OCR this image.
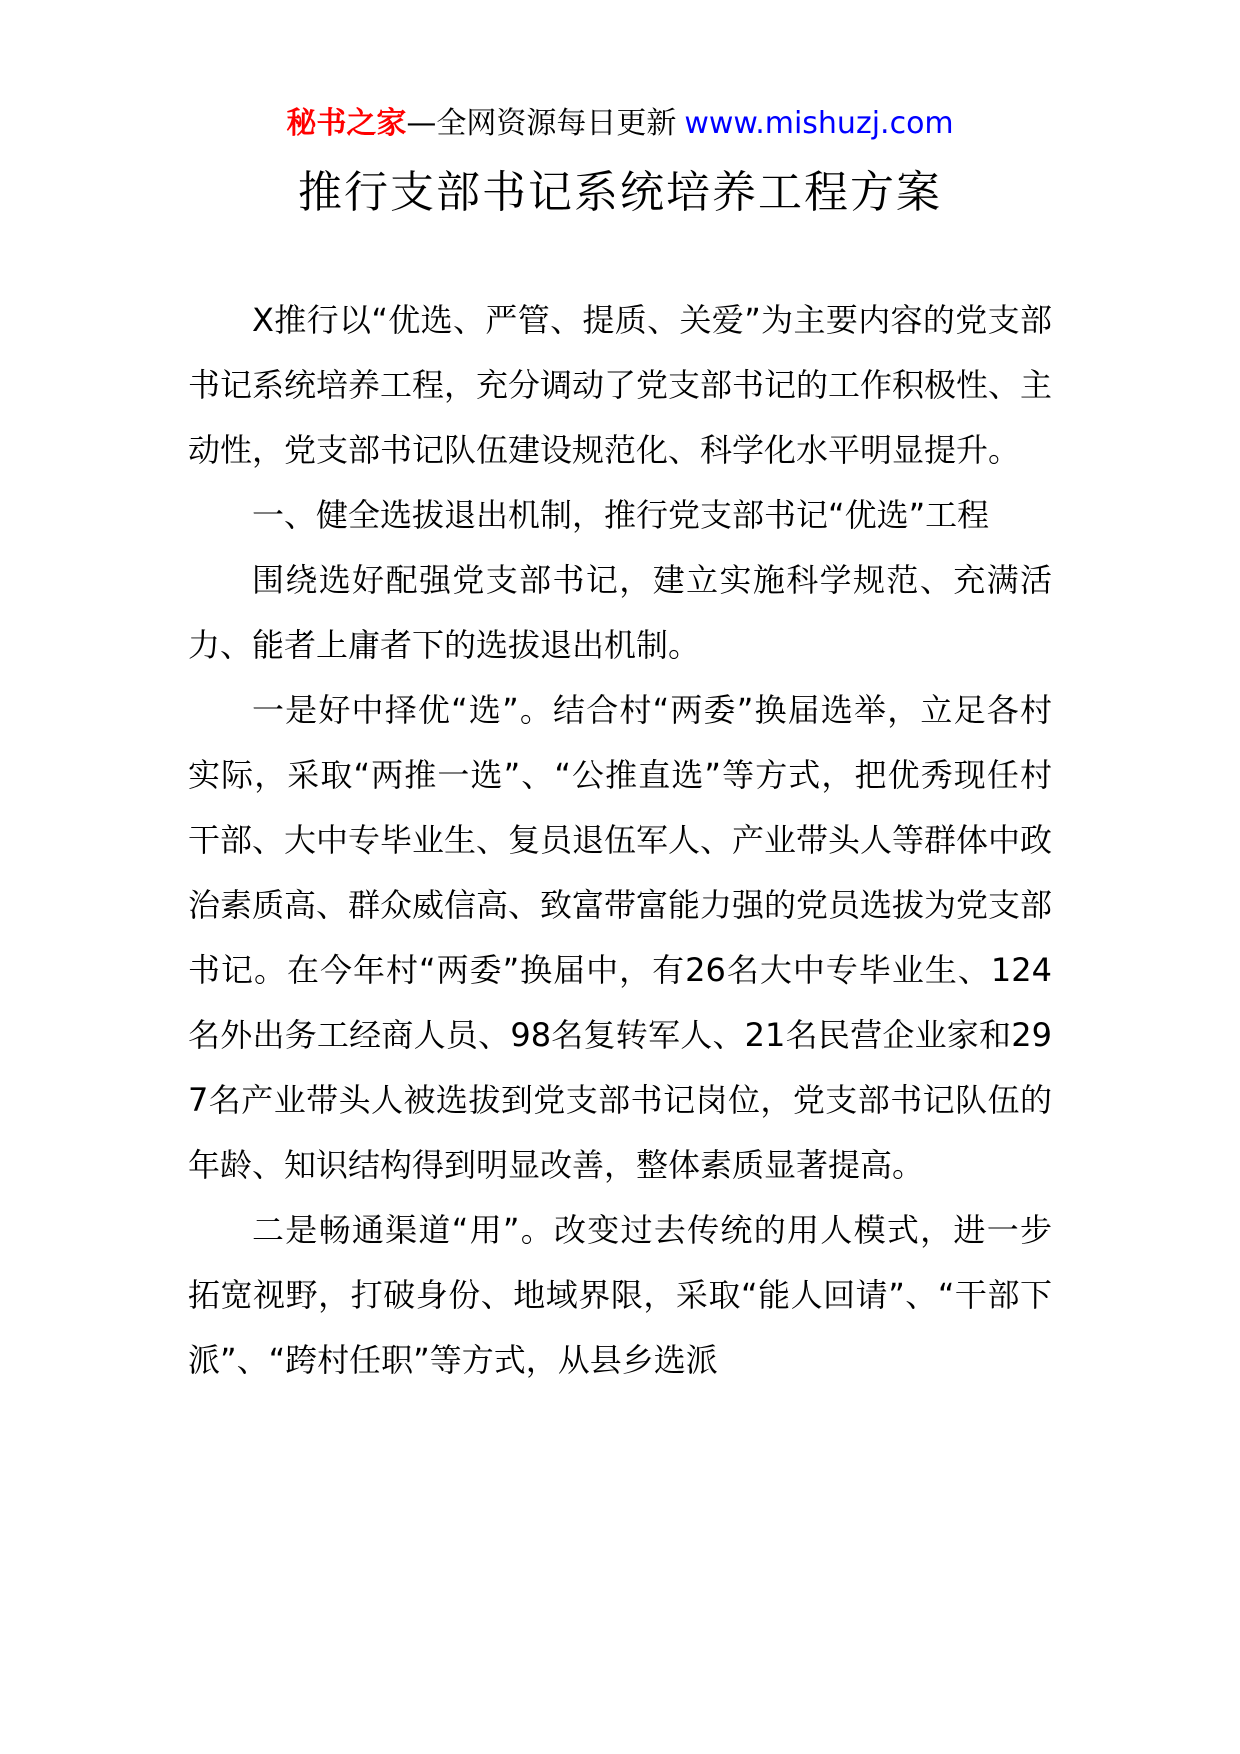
秘书之家—全网资源每日更新 www.mishuzj.com
推行支部书记系统培养工程方案

X推行以“优选、严管、提质、关爱”为主要内容的党支部书记系统培养工程，充分调动了党支部书记的工作积极性、主动性，党支部书记队伍建设规范化、科学化水平明显提升。

一、健全选拔退出机制，推行党支部书记“优选”工程

围绕选好配强党支部书记，建立实施科学规范、充满活力、能者上庸者下的选拔退出机制。

一是好中择优“选”。结合村“两委”换届选举，立足各村实际，采取“两推一选”、“公推直选”等方式，把优秀现任村干部、大中专毕业生、复员退伍军人、产业带头人等群体中政治素质高、群众威信高、致富带富能力强的党员选拔为党支部书记。在今年村“两委”换届中，有26名大中专毕业生、124名外出务工经商人员、98名复转军人、21名民营企业家和297名产业带头人被选拔到党支部书记岗位，党支部书记队伍的年龄、知识结构得到明显改善，整体素质显著提高。

二是畅通渠道“用”。改变过去传统的用人模式，进一步拓宽视野，打破身份、地域界限，采取“能人回请”、“干部下派”、“跨村任职”等方式，从县乡选派
